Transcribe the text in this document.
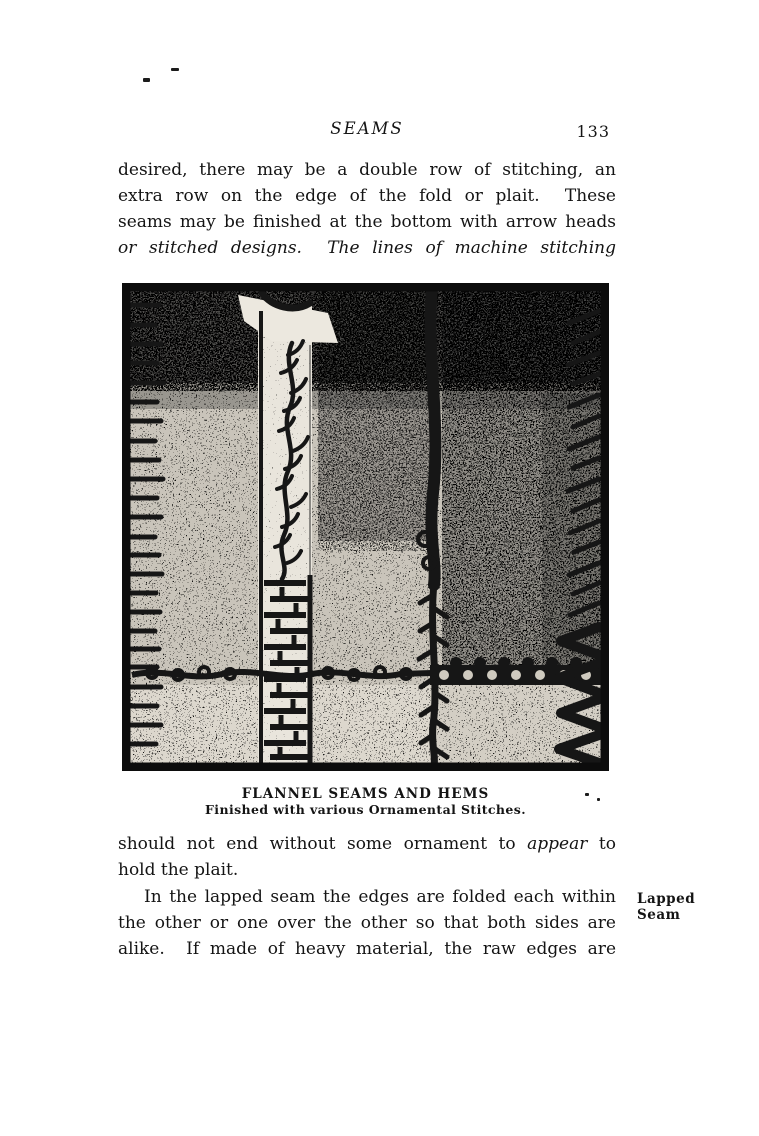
SEAMS	133
desired, there may be a double row of stitching, an
extra row on the edge of the fold or plait.  These
seams may be finished at the bottom with arrow heads
or stitched designs.  The lines of machine stitching
FLANNEL SEAMS AND HEMS
Finished with various Ornamental Stitches.
should not end without some ornament to appear to
hold the plait.
In the lapped seam the edges are folded each within
the other or one over the other so that both sides are
alike.  If made of heavy material, the raw edges are
Lapped
Seam
